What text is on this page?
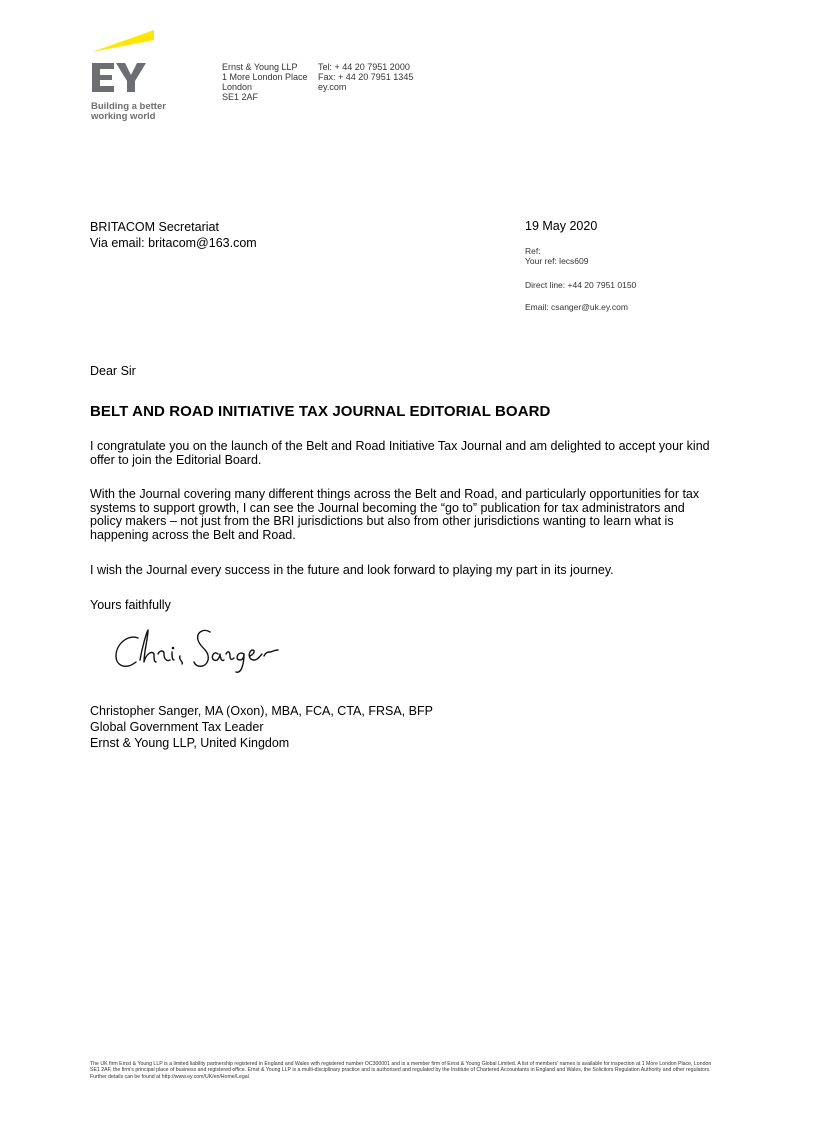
Building a better
working world
Ernst & Young LLP
1 More London Place
London
SE1 2AF
Tel: + 44 20 7951 2000
Fax: + 44 20 7951 1345
ey.com
BRITACOM Secretariat
Via email: britacom@163.com
19 May 2020
Ref:
Your ref: lecs609
Direct line: +44 20 7951 0150
Email: csanger@uk.ey.com
Dear Sir
BELT AND ROAD INITIATIVE TAX JOURNAL EDITORIAL BOARD

I congratulate you on the launch of the Belt and Road Initiative Tax Journal and am delighted to accept your kind offer to join the Editorial Board.

With the Journal covering many different things across the Belt and Road, and particularly opportunities for tax systems to support growth, I can see the Journal becoming the “go to” publication for tax administrators and policy makers – not just from the BRI jurisdictions but also from other jurisdictions wanting to learn what is happening across the Belt and Road.

I wish the Journal every success in the future and look forward to playing my part in its journey.

Yours faithfully
Christopher Sanger, MA (Oxon), MBA, FCA, CTA, FRSA, BFP
Global Government Tax Leader
Ernst & Young LLP, United Kingdom
The UK firm Ernst & Young LLP is a limited liability partnership registered in England and Wales with registered number OC300001 and is a member firm of Ernst & Young Global Limited. A list of members' names is available for inspection at 1 More London Place, London SE1 2AF, the firm's principal place of business and registered office. Ernst & Young LLP is a multi-disciplinary practice and is authorised and regulated by the Institute of Chartered Accountants in England and Wales, the Solicitors Regulation Authority and other regulators. Further details can be found at http://www.ey.com/UK/en/Home/Legal.
